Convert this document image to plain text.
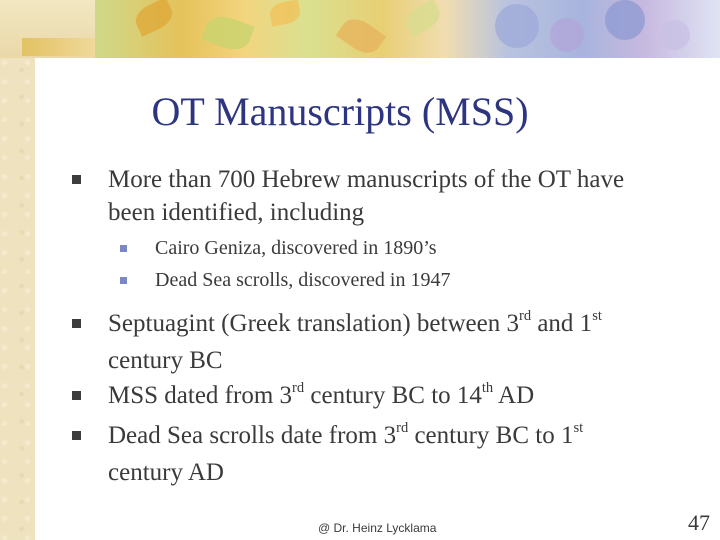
OT Manuscripts (MSS)
More than 700 Hebrew manuscripts of the OT have been identified, including
Cairo Geniza, discovered in 1890’s
Dead Sea scrolls, discovered in 1947
Septuagint (Greek translation) between 3rd and 1st century BC
MSS dated from 3rd century BC to 14th AD
Dead Sea scrolls date from 3rd century BC to 1st century AD
@ Dr. Heinz Lycklama	47
